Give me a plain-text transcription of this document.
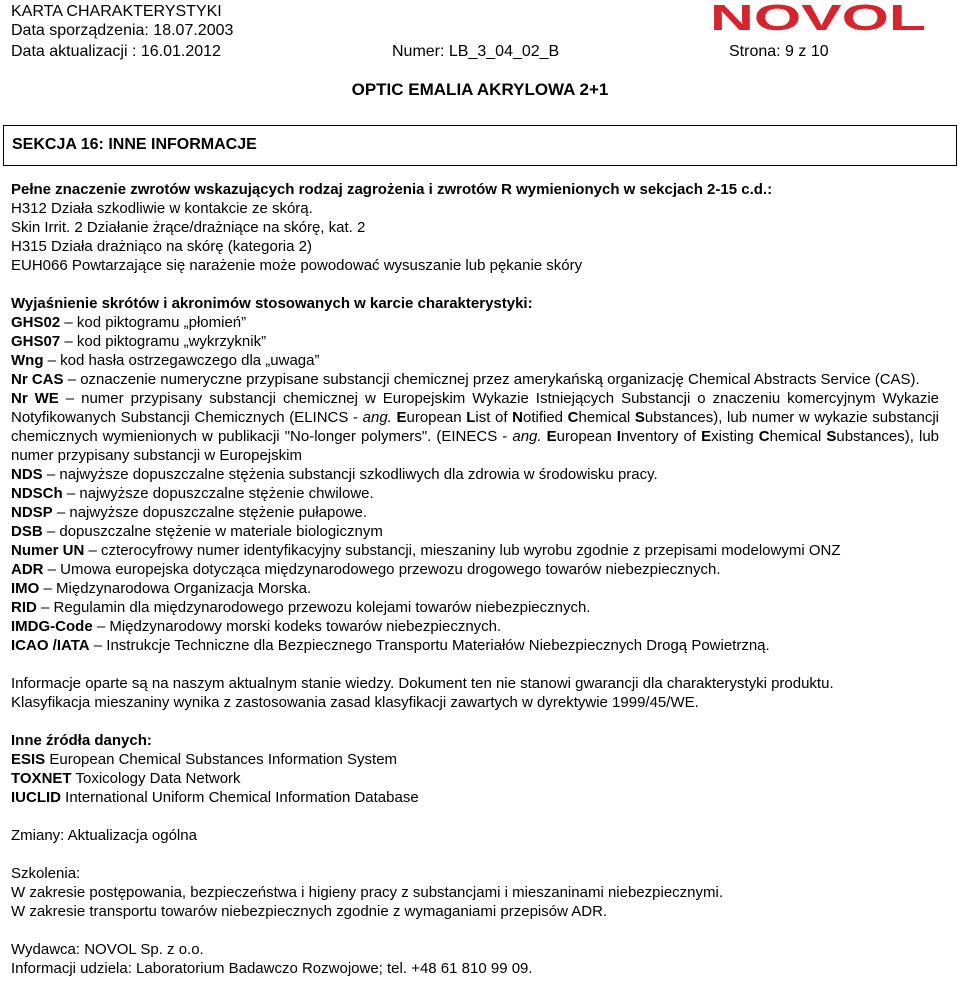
KARTA CHARAKTERYSTYKI
Data sporządzenia: 18.07.2003
Data aktualizacji : 16.01.2012	Numer: LB_3_04_02_B	Strona: 9 z 10
NOVOL
OPTIC EMALIA AKRYLOWA 2+1
SEKCJA 16: INNE INFORMACJE

Pełne znaczenie zwrotów wskazujących rodzaj zagrożenia i zwrotów R wymienionych w sekcjach 2-15 c.d.:

H312 Działa szkodliwie w kontakcie ze skórą.

Skin Irrit. 2 Działanie żrące/drażniące na skórę, kat. 2

H315 Działa drażniąco na skórę (kategoria 2)

EUH066 Powtarzające się narażenie może powodować wysuszanie lub pękanie skóry

Wyjaśnienie skrótów i akronimów stosowanych w karcie charakterystyki:

GHS02 – kod piktogramu „płomień”

GHS07 – kod piktogramu „wykrzyknik”

Wng – kod hasła ostrzegawczego dla „uwaga”

Nr CAS – oznaczenie numeryczne przypisane substancji chemicznej przez amerykańską organizację Chemical Abstracts Service (CAS).

Nr WE – numer przypisany substancji chemicznej w Europejskim Wykazie Istniejących Substancji o znaczeniu komercyjnym Wykazie Notyfikowanych Substancji Chemicznych (ELINCS - ang. European List of Notified Chemical Substances), lub numer w wykazie substancji chemicznych wymienionych w publikacji "No-longer polymers". (EINECS - ang. European Inventory of Existing Chemical Substances), lub numer przypisany substancji w Europejskim

NDS – najwyższe dopuszczalne stężenia substancji szkodliwych dla zdrowia w środowisku pracy.

NDSCh – najwyższe dopuszczalne stężenie chwilowe.

NDSP – najwyższe dopuszczalne stężenie pułapowe.

DSB – dopuszczalne stężenie w materiale biologicznym

Numer UN – czterocyfrowy numer identyfikacyjny substancji, mieszaniny lub wyrobu zgodnie z przepisami modelowymi ONZ

ADR – Umowa europejska dotycząca międzynarodowego przewozu drogowego towarów niebezpiecznych.

IMO – Międzynarodowa Organizacja Morska.

RID – Regulamin dla międzynarodowego przewozu kolejami towarów niebezpiecznych.

IMDG-Code – Międzynarodowy morski kodeks towarów niebezpiecznych.

ICAO /IATA – Instrukcje Techniczne dla Bezpiecznego Transportu Materiałów Niebezpiecznych Drogą Powietrzną.

Informacje oparte są na naszym aktualnym stanie wiedzy. Dokument ten nie stanowi gwarancji dla charakterystyki produktu.

Klasyfikacja mieszaniny wynika z zastosowania zasad klasyfikacji zawartych w dyrektywie 1999/45/WE.

Inne źródła danych:

ESIS European Chemical Substances Information System

TOXNET Toxicology Data Network

IUCLID International Uniform Chemical Information Database

Zmiany: Aktualizacja ogólna

Szkolenia:

W zakresie postępowania, bezpieczeństwa i higieny pracy z substancjami i mieszaninami niebezpiecznymi.

W zakresie transportu towarów niebezpiecznych zgodnie z wymaganiami przepisów ADR.

Wydawca: NOVOL Sp. z o.o.

Informacji udziela: Laboratorium Badawczo Rozwojowe; tel. +48 61 810 99 09.
